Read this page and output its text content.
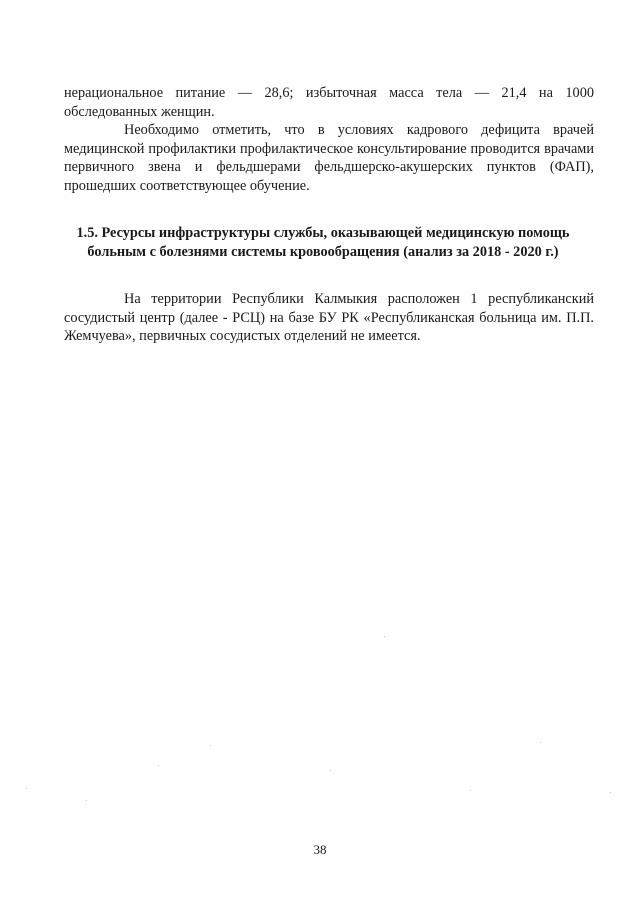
нерациональное питание — 28,6; избыточная масса тела — 21,4 на 1000 обследованных женщин.

Необходимо отметить, что в условиях кадрового дефицита врачей медицинской профилактики профилактическое консультирование проводится врачами первичного звена и фельдшерами фельдшерско-акушерских пунктов (ФАП), прошедших соответствующее обучение.

1.5. Ресурсы инфраструктуры службы, оказывающей медицинскую помощь больным с болезнями системы кровообращения (анализ за 2018 - 2020 г.)

На территории Республики Калмыкия расположен 1 республиканский сосудистый центр (далее - РСЦ) на базе БУ РК «Республиканская больница им. П.П. Жемчуева», первичных сосудистых отделений не имеется.

38
